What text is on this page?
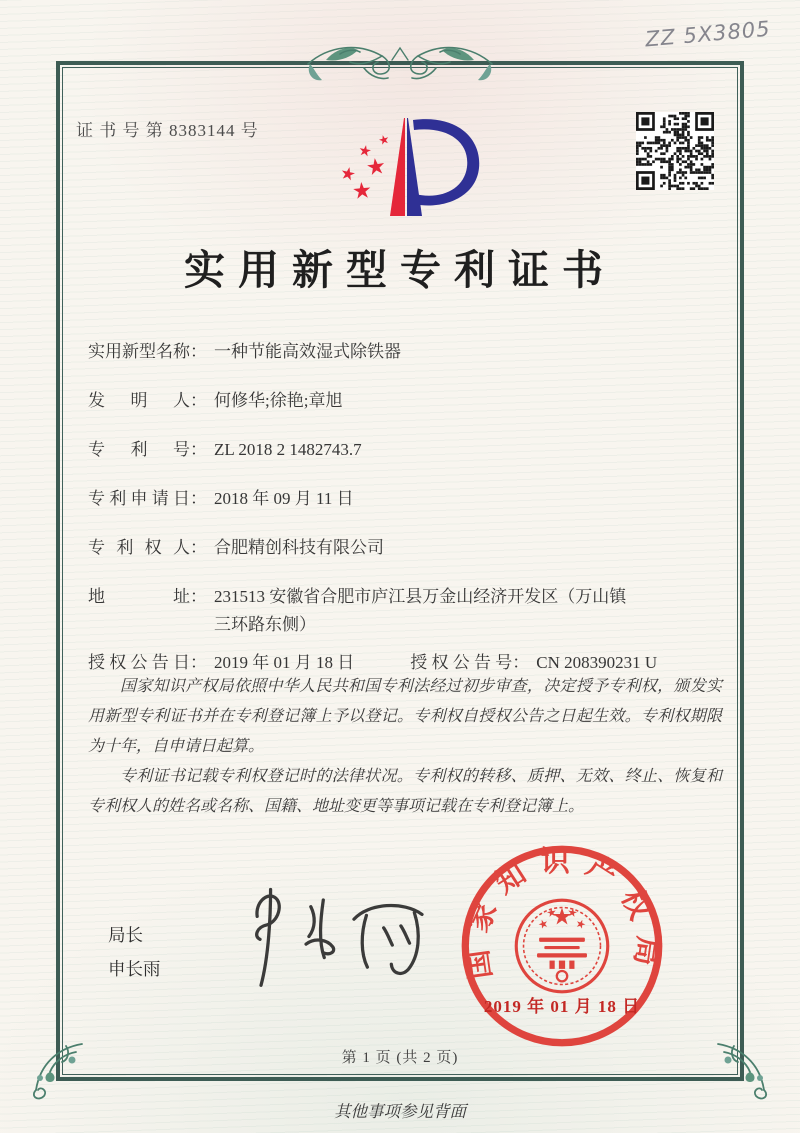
ZZ 5X3805
证 书 号 第 8383144 号
实用新型专利证书
实用新型名称： 一种节能高效湿式除铁器
发明人： 何修华;徐艳;章旭
专利号： ZL 2018 2 1482743.7
专利申请日： 2018 年 09 月 11 日
专利权人： 合肥精创科技有限公司
地址： 231513 安徽省合肥市庐江县万金山经济开发区（万山镇
三环路东侧）
授权公告日： 2019 年 01 月 18 日	授权公告号： CN 208390231 U

国家知识产权局依照中华人民共和国专利法经过初步审查，决定授予专利权，颁发实用新型专利证书并在专利登记簿上予以登记。专利权自授权公告之日起生效。专利权期限为十年，自申请日起算。

专利证书记载专利权登记时的法律状况。专利权的转移、质押、无效、终止、恢复和专利权人的姓名或名称、国籍、地址变更等事项记载在专利登记簿上。

局长
申长雨	国家知识产权局
2019 年 01 月 18 日
第 1 页 (共 2 页)
其他事项参见背面
